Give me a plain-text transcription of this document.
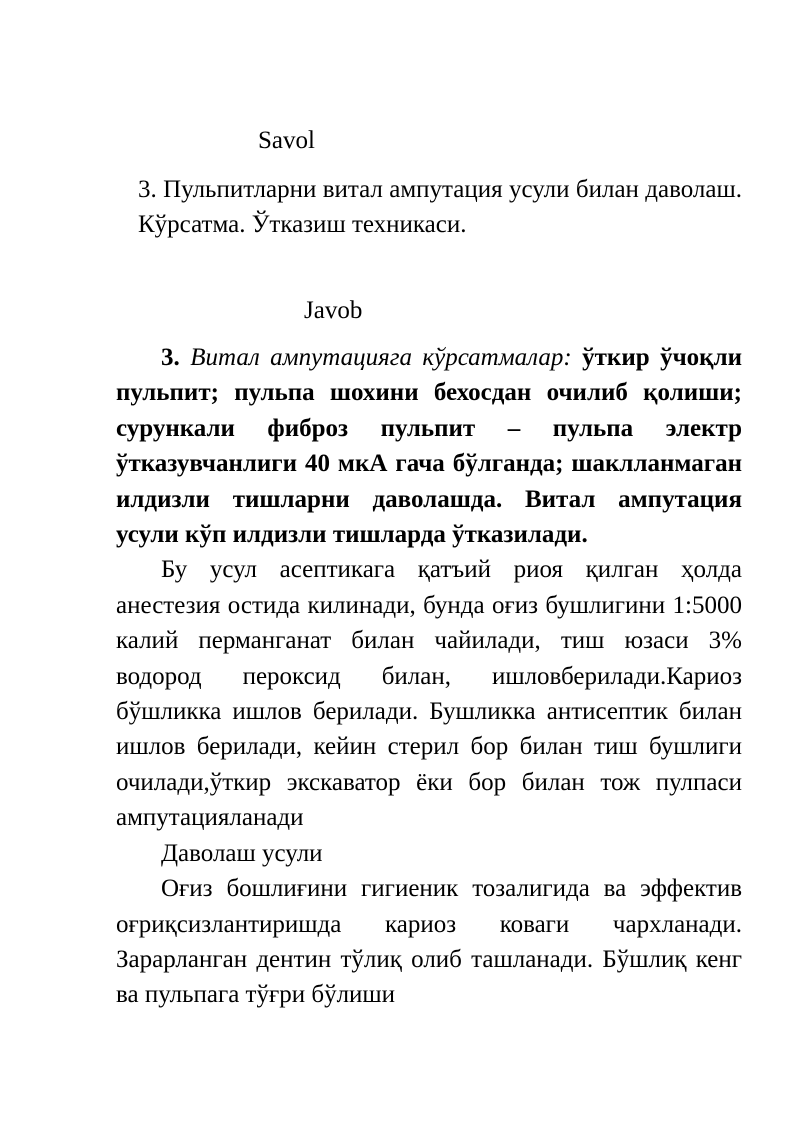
Savol

3. Пульпитларни витал ампутация усули билан даволаш. Кўрсатма. Ўтказиш техникаси.

Javob

3. Витал ампутацияга кўрсатмалар: ўткир ўчоқли пульпит; пульпа шохини бехосдан очилиб қолиши; сурункали фиброз пульпит – пульпа электр ўтказувчанлиги 40 мкА гача бўлганда; шаклланмаган илдизли тишларни даволашда. Витал ампутация усули кўп илдизли тишларда ўтказилади.

Бу усул асептикага қатъий риоя қилган ҳолда анестезия остида килинади, бунда оғиз бушлигини 1:5000 калий перманганат билан чайилади, тиш юзаси 3% водород пероксид билан, ишловберилади.Кариоз бўшликка ишлов берилади. Бушликка антисептик билан ишлов берилади, кейин стерил бор билан тиш бушлиги очилади,ўткир экскаватор ёки бор билан тож пулпаси ампутацияланади

Даволаш усули

Оғиз бошлиғини гигиеник тозалигида ва эффектив оғриқсизлантиришда кариоз коваги чархланади. Зарарланган дентин тўлиқ олиб ташланади. Бўшлиқ кенг ва пульпага тўғри бўлиши
